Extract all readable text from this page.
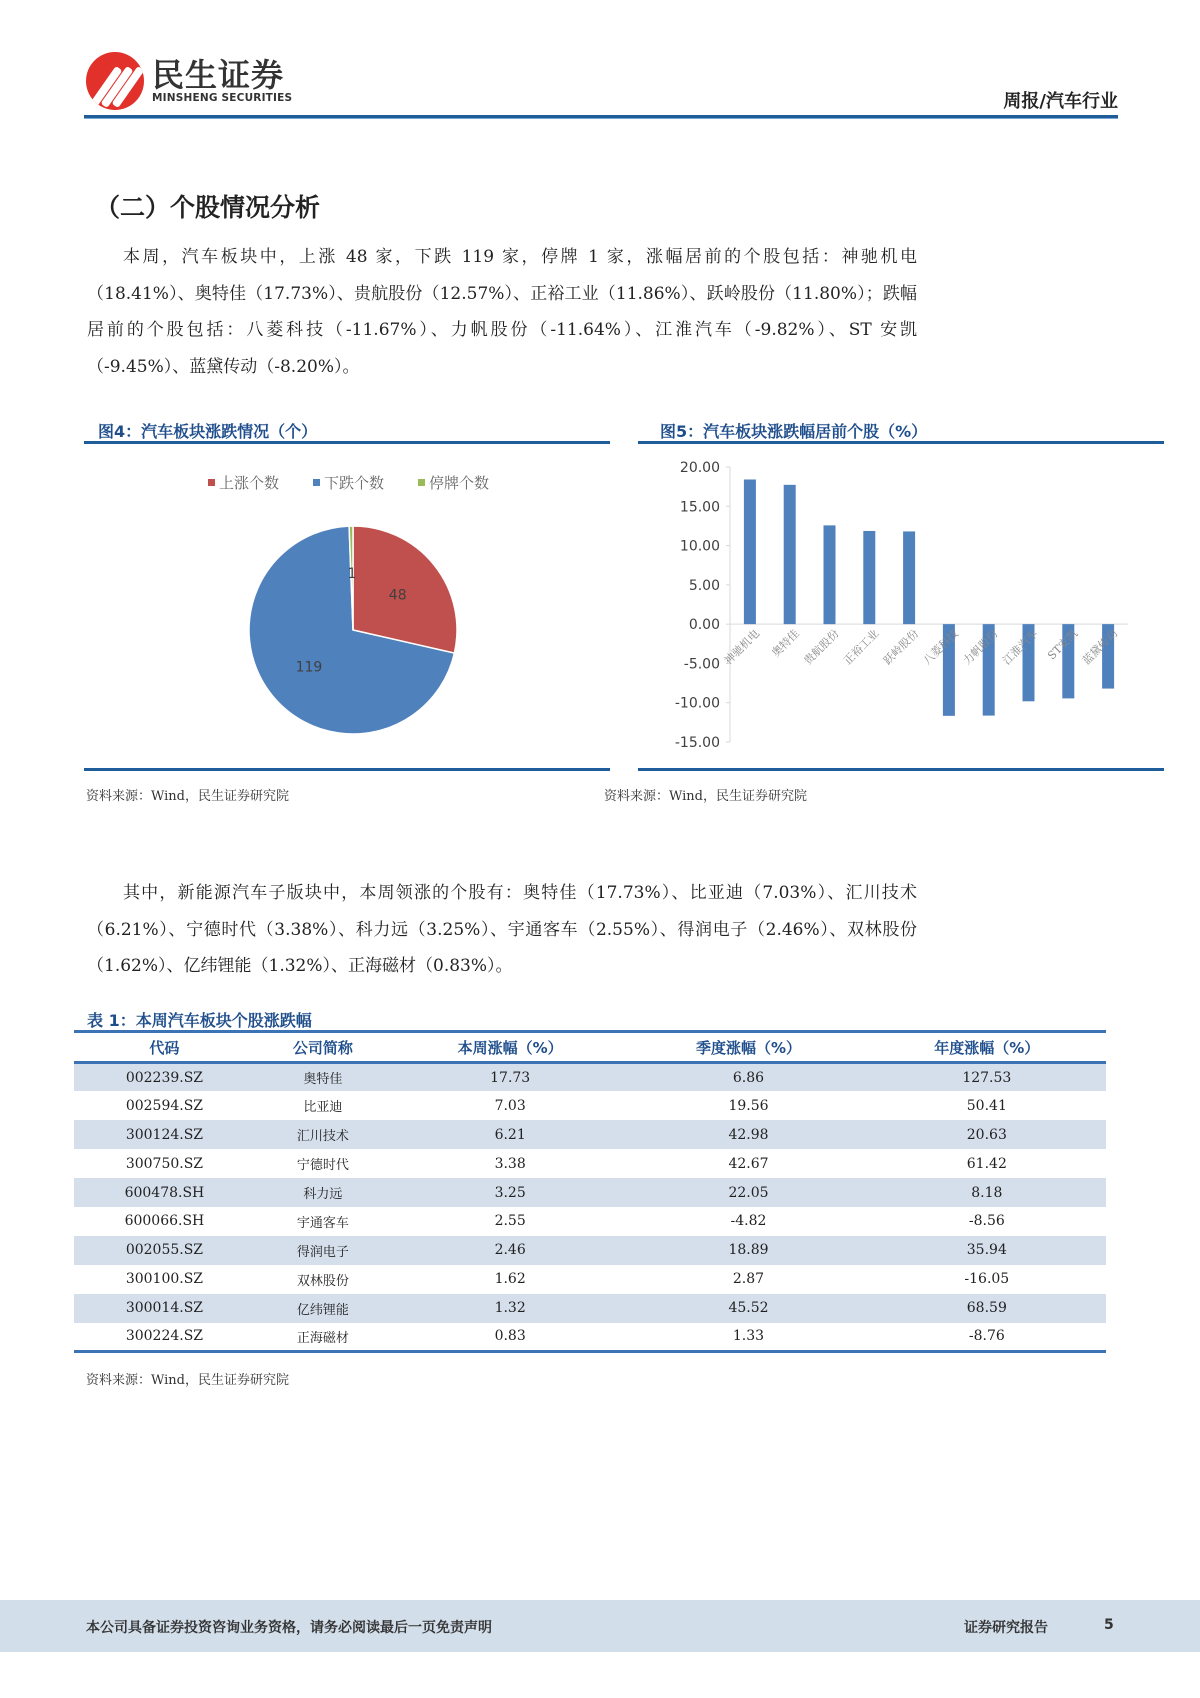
民生证券
MINSHENG SECURITIES	周报/汽车行业
（二）个股情况分析

本周，汽车板块中，上涨 48 家，下跌 119 家，停牌 1 家，涨幅居前的个股包括：神驰机电（18.41%）、奥特佳（17.73%）、贵航股份（12.57%）、正裕工业（11.86%）、跃岭股份（11.80%）；跌幅居前的个股包括：八菱科技（-11.67%）、力帆股份（-11.64%）、江淮汽车（-9.82%）、ST 安凯（-9.45%）、蓝黛传动（-8.20%）。

图4：汽车板块涨跌情况（个）
上涨个数	下跌个数	停牌个数
48
119
1
资料来源：Wind，民生证券研究院
图5：汽车板块涨跌幅居前个股（%）
20.00
15.00
10.00
5.00
0.00
-5.00
-10.00
-15.00
神驰机电 奥特佳 贵航股份 正裕工业 跃岭股份 八菱科技 力帆股份 江淮汽车 ST安凯 蓝黛传动
资料来源：Wind，民生证券研究院

其中，新能源汽车子版块中，本周领涨的个股有：奥特佳（17.73%）、比亚迪（7.03%）、汇川技术（6.21%）、宁德时代（3.38%）、科力远（3.25%）、宇通客车（2.55%）、得润电子（2.46%）、双林股份（1.62%）、亿纬锂能（1.32%）、正海磁材（0.83%）。

表 1：本周汽车板块个股涨跌幅
代码	公司简称	本周涨幅（%）	季度涨幅（%）	年度涨幅（%）
002239.SZ	奥特佳	17.73	6.86	127.53
002594.SZ	比亚迪	7.03	19.56	50.41
300124.SZ	汇川技术	6.21	42.98	20.63
300750.SZ	宁德时代	3.38	42.67	61.42
600478.SH	科力远	3.25	22.05	8.18
600066.SH	宇通客车	2.55	-4.82	-8.56
002055.SZ	得润电子	2.46	18.89	35.94
300100.SZ	双林股份	1.62	2.87	-16.05
300014.SZ	亿纬锂能	1.32	45.52	68.59
300224.SZ	正海磁材	0.83	1.33	-8.76
资料来源：Wind，民生证券研究院
本公司具备证券投资咨询业务资格，请务必阅读最后一页免责声明	证券研究报告	5
